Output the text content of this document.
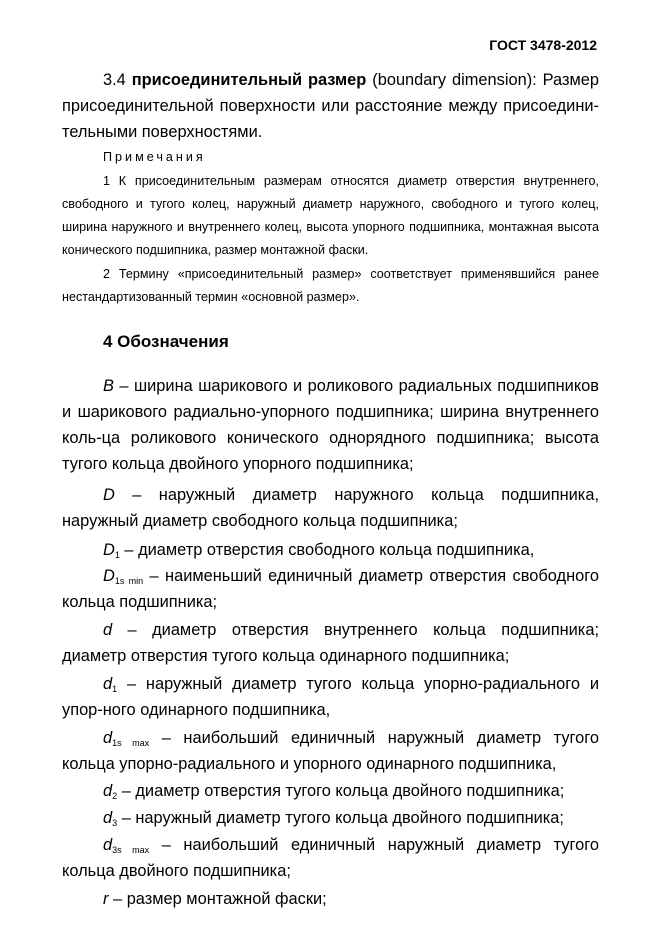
ГОСТ 3478-2012
3.4 присоединительный размер (boundary dimension): Размер присоединительной поверхности или расстояние между присоедини-тельными поверхностями.
Примечания
1 К присоединительным размерам относятся диаметр отверстия внутреннего, свободного и тугого колец, наружный диаметр наружного, свободного и тугого колец, ширина наружного и внутреннего колец, высота упорного подшипника, монтажная высота конического подшипника, размер монтажной фаски.
2 Термину «присоединительный размер» соответствует применявшийся ранее нестандартизованный термин «основной размер».
4 Обозначения
B – ширина шарикового и роликового радиальных подшипников и шарикового радиально-упорного подшипника; ширина внутреннего коль-ца роликового конического однорядного подшипника; высота тугого кольца двойного упорного подшипника;
D – наружный диаметр наружного кольца подшипника, наружный диаметр свободного кольца подшипника;
$D_1$ – диаметр отверстия свободного кольца подшипника,
$D_{1s min}$ – наименьший единичный диаметр отверстия свободного кольца подшипника;
d – диаметр отверстия внутреннего кольца подшипника; диаметр отверстия тугого кольца одинарного подшипника;
$d_1$ – наружный диаметр тугого кольца упорно-радиального и упор-ного одинарного подшипника,
$d_{1s max}$ – наибольший единичный наружный диаметр тугого кольца упорно-радиального и упорного одинарного подшипника,
$d_2$ – диаметр отверстия тугого кольца двойного подшипника;
$d_3$ – наружный диаметр тугого кольца двойного подшипника;
$d_{3s max}$ – наибольший единичный наружный диаметр тугого кольца двойного подшипника;
r – размер монтажной фаски;
